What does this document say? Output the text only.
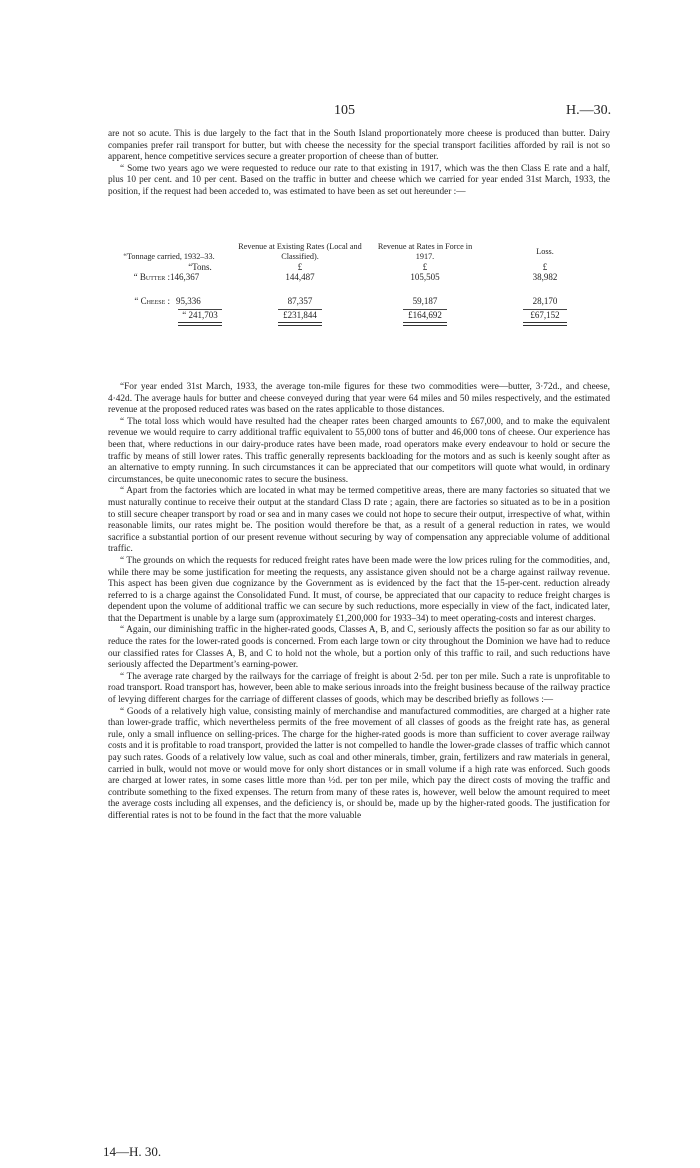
105	H.—30.

are not so acute. This is due largely to the fact that in the South Island proportionately more cheese is produced than butter. Dairy companies prefer rail transport for butter, but with cheese the necessity for the special transport facilities afforded by rail is not so apparent, hence competitive services secure a greater proportion of cheese than of butter.

“ Some two years ago we were requested to reduce our rate to that existing in 1917, which was the then Class E rate and a half, plus 10 per cent. and 10 per cent. Based on the traffic in butter and cheese which we carried for year ended 31st March, 1933, the position, if the request had been acceded to, was estimated to have been as set out hereunder :—

“Tonnage carried, 1932–33.		Revenue at Existing Rates (Local and Classified).	Revenue at Rates in Force in 1917.	Loss.
	“Tons.	£	£	£
“ Butter :	146,367	144,487	105,505	38,982
“ Cheese :	95,336	87,357	59,187	28,170

	“ 241,703	£231,844	£164,692	£67,152

“For year ended 31st March, 1933, the average ton-mile figures for these two commodities were—butter, 3·72d., and cheese, 4·42d. The average hauls for butter and cheese conveyed during that year were 64 miles and 50 miles respectively, and the estimated revenue at the proposed reduced rates was based on the rates applicable to those distances.

“ The total loss which would have resulted had the cheaper rates been charged amounts to £67,000, and to make the equivalent revenue we would require to carry additional traffic equivalent to 55,000 tons of butter and 46,000 tons of cheese. Our experience has been that, where reductions in our dairy-produce rates have been made, road operators make every endeavour to hold or secure the traffic by means of still lower rates. This traffic generally represents backloading for the motors and as such is keenly sought after as an alternative to empty running. In such circumstances it can be appreciated that our competitors will quote what would, in ordinary circumstances, be quite uneconomic rates to secure the business.

“ Apart from the factories which are located in what may be termed competitive areas, there are many factories so situated that we must naturally continue to receive their output at the standard Class D rate ; again, there are factories so situated as to be in a position to still secure cheaper transport by road or sea and in many cases we could not hope to secure their output, irrespective of what, within reasonable limits, our rates might be. The position would therefore be that, as a result of a general reduction in rates, we would sacrifice a substantial portion of our present revenue without securing by way of compensation any appreciable volume of additional traffic.

“ The grounds on which the requests for reduced freight rates have been made were the low prices ruling for the commodities, and, while there may be some justification for meeting the requests, any assistance given should not be a charge against railway revenue. This aspect has been given due cognizance by the Government as is evidenced by the fact that the 15-per-cent. reduction already referred to is a charge against the Consolidated Fund. It must, of course, be appreciated that our capacity to reduce freight charges is dependent upon the volume of additional traffic we can secure by such reductions, more especially in view of the fact, indicated later, that the Department is unable by a large sum (approximately £1,200,000 for 1933–34) to meet operating-costs and interest charges.

“ Again, our diminishing traffic in the higher-rated goods, Classes A, B, and C, seriously affects the position so far as our ability to reduce the rates for the lower-rated goods is concerned. From each large town or city throughout the Dominion we have had to reduce our classified rates for Classes A, B, and C to hold not the whole, but a portion only of this traffic to rail, and such reductions have seriously affected the Department’s earning-power.

“ The average rate charged by the railways for the carriage of freight is about 2·5d. per ton per mile. Such a rate is unprofitable to road transport. Road transport has, however, been able to make serious inroads into the freight business because of the railway practice of levying different charges for the carriage of different classes of goods, which may be described briefly as follows :—

“ Goods of a relatively high value, consisting mainly of merchandise and manufactured commodities, are charged at a higher rate than lower-grade traffic, which nevertheless permits of the free movement of all classes of goods as the freight rate has, as general rule, only a small influence on selling-prices. The charge for the higher-rated goods is more than sufficient to cover average railway costs and it is profitable to road transport, provided the latter is not compelled to handle the lower-grade classes of traffic which cannot pay such rates. Goods of a relatively low value, such as coal and other minerals, timber, grain, fertilizers and raw materials in general, carried in bulk, would not move or would move for only short distances or in small volume if a high rate was enforced. Such goods are charged at lower rates, in some cases little more than ½d. per ton per mile, which pay the direct costs of moving the traffic and contribute something to the fixed expenses. The return from many of these rates is, however, well below the amount required to meet the average costs including all expenses, and the deficiency is, or should be, made up by the higher-rated goods. The justification for differential rates is not to be found in the fact that the more valuable

14—H. 30.
